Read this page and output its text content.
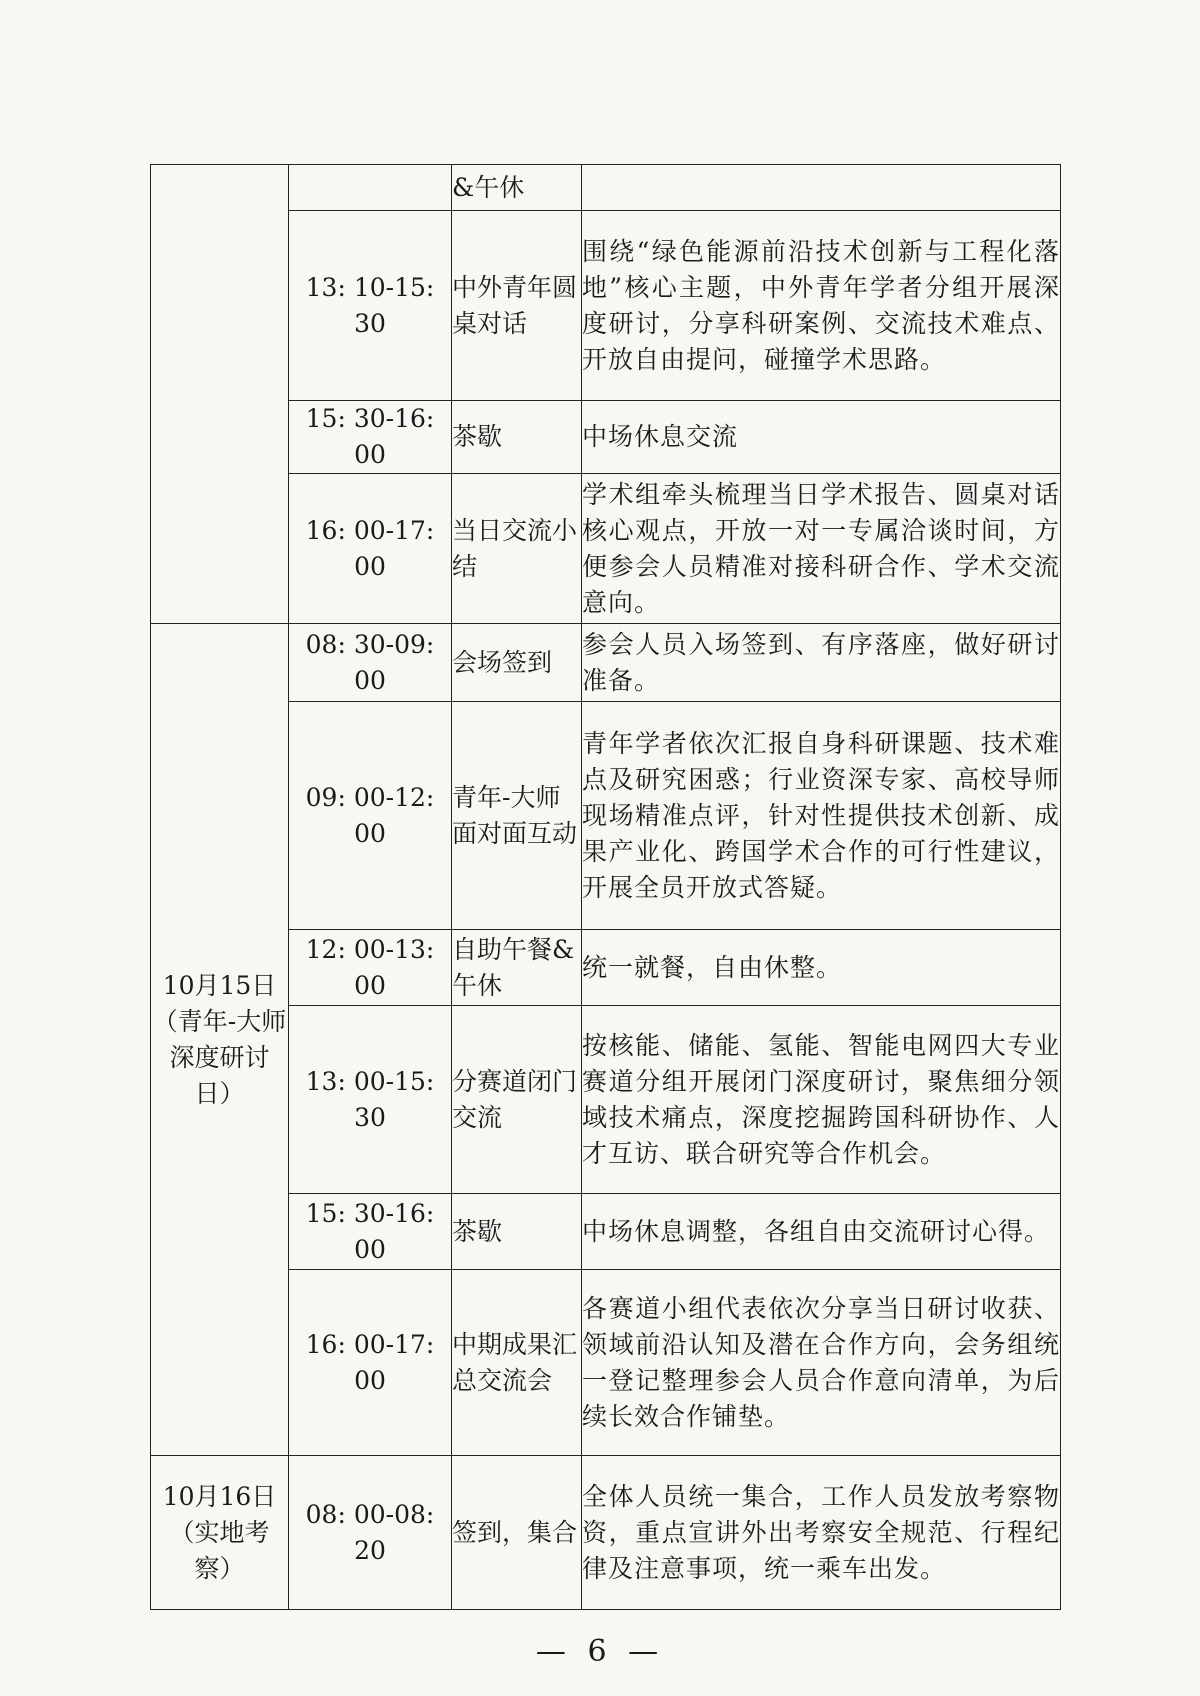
		&午休	
	13: 10-15: 30	中外青年圆桌对话	围绕“绿色能源前沿技术创新与工程化落地”核心主题，中外青年学者分组开展深度研讨，分享科研案例、交流技术难点、开放自由提问，碰撞学术思路。
	15: 30-16: 00	茶歇	中场休息交流
	16: 00-17: 00	当日交流小结	学术组牵头梳理当日学术报告、圆桌对话核心观点，开放一对一专属洽谈时间，方便参会人员精准对接科研合作、学术交流意向。
10月15日（青年-大师深度研讨日）	08: 30-09: 00	会场签到	参会人员入场签到、有序落座，做好研讨准备。
	09: 00-12: 00	青年-大师面对面互动	青年学者依次汇报自身科研课题、技术难点及研究困惑；行业资深专家、高校导师现场精准点评，针对性提供技术创新、成果产业化、跨国学术合作的可行性建议，开展全员开放式答疑。
	12: 00-13: 00	自助午餐&午休	统一就餐，自由休整。
	13: 00-15: 30	分赛道闭门交流	按核能、储能、氢能、智能电网四大专业赛道分组开展闭门深度研讨，聚焦细分领域技术痛点，深度挖掘跨国科研协作、人才互访、联合研究等合作机会。
	15: 30-16: 00	茶歇	中场休息调整，各组自由交流研讨心得。
	16: 00-17: 00	中期成果汇总交流会	各赛道小组代表依次分享当日研讨收获、领域前沿认知及潜在合作方向，会务组统一登记整理参会人员合作意向清单，为后续长效合作铺垫。
10月16日（实地考察）	08: 00-08: 20	签到，集合	全体人员统一集合，工作人员发放考察物资，重点宣讲外出考察安全规范、行程纪律及注意事项，统一乘车出发。
— 6 —
